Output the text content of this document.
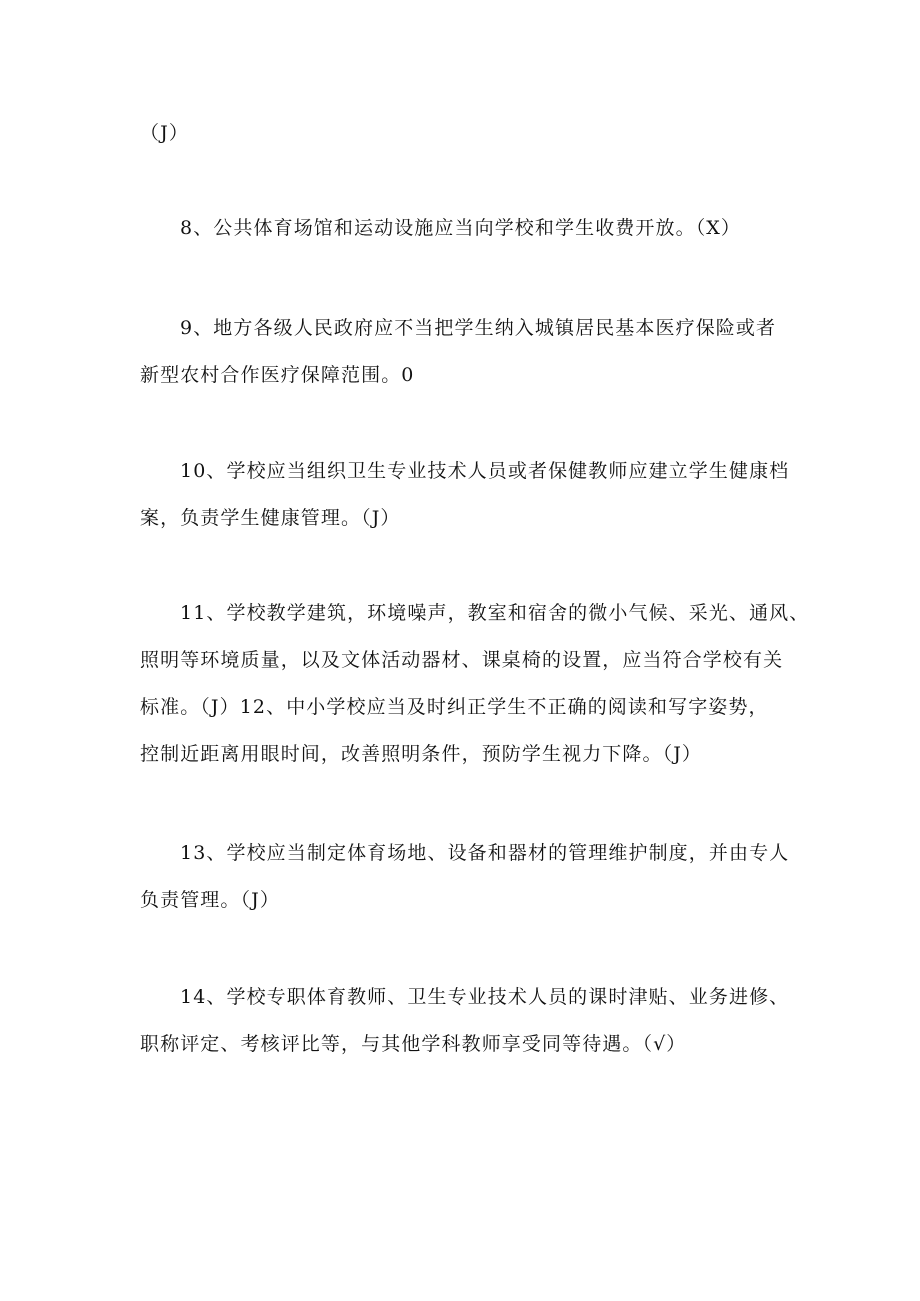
（J）
8、公共体育场馆和运动设施应当向学校和学生收费开放。（X）
9、地方各级人民政府应不当把学生纳入城镇居民基本医疗保险或者
新型农村合作医疗保障范围。0
10、学校应当组织卫生专业技术人员或者保健教师应建立学生健康档
案，负责学生健康管理。（J）
11、学校教学建筑，环境噪声，教室和宿舍的微小气候、采光、通风、
照明等环境质量，以及文体活动器材、课桌椅的设置，应当符合学校有关
标准。（J）12、中小学校应当及时纠正学生不正确的阅读和写字姿势，
控制近距离用眼时间，改善照明条件，预防学生视力下降。（J）
13、学校应当制定体育场地、设备和器材的管理维护制度，并由专人
负责管理。（J）
14、学校专职体育教师、卫生专业技术人员的课时津贴、业务进修、
职称评定、考核评比等，与其他学科教师享受同等待遇。（√）
